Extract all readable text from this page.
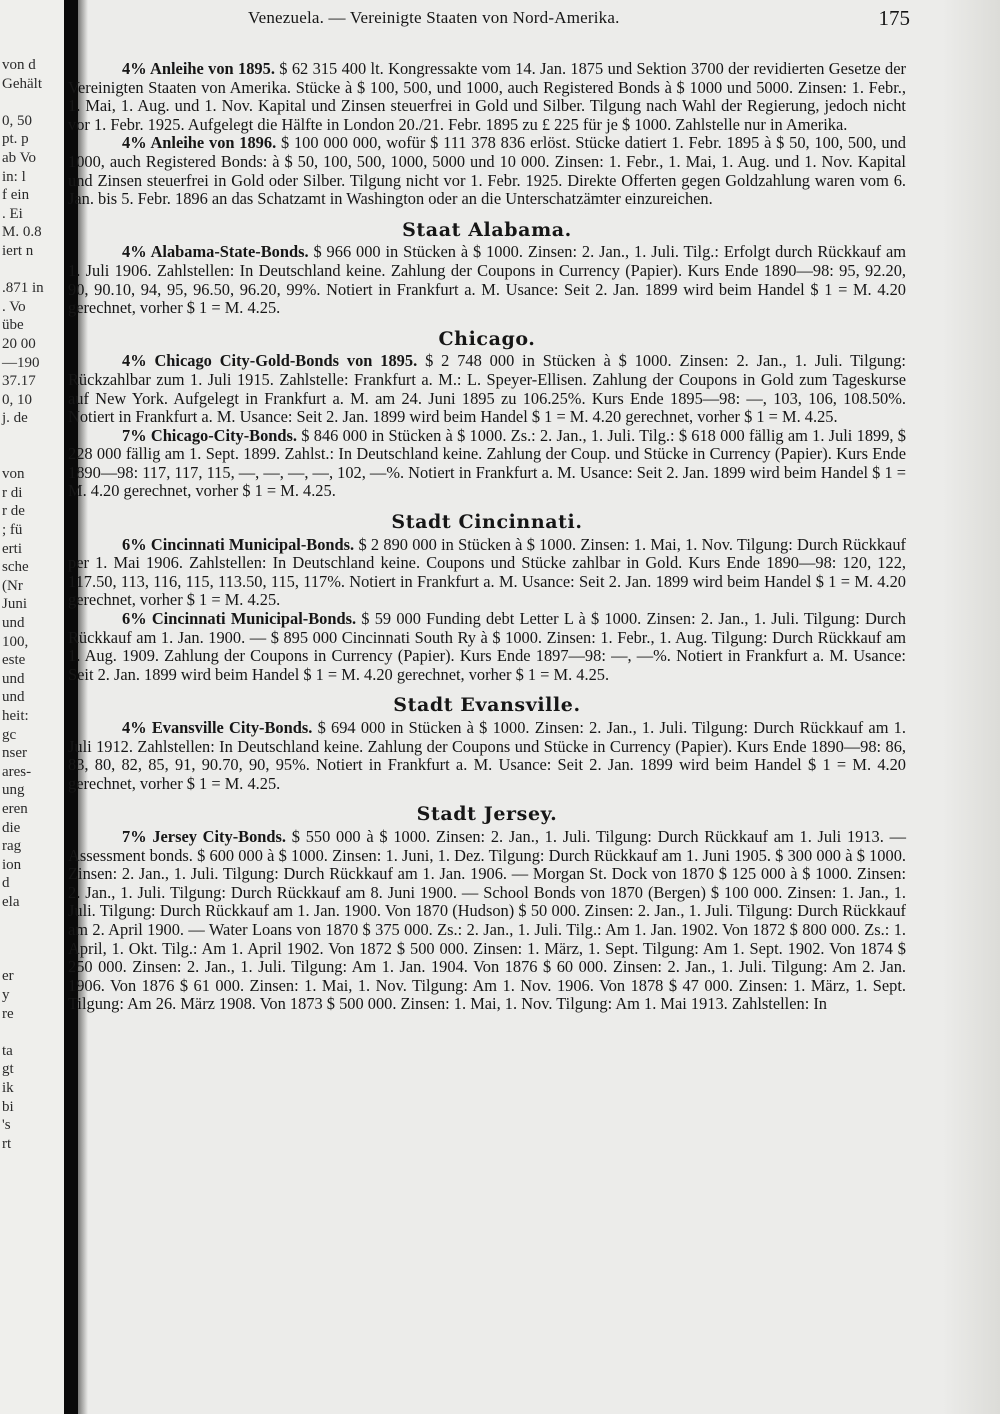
von d
Gehält
0, 50
pt. p
ab Vo
in: l
f ein
. Ei
M. 0.8
iert n
.871 in
. Vo
übe
20 00
—190
37.17
0, 10
j. de
von
r di
r de
; fü
erti
sche
(Nr
Juni
und
100,
este
und
und
heit:
gc
nser
ares-
ung
eren
die
rag
ion
d
ela
er
y
re
ta
gt
ik
bi
's
rt
Venezuela. — Vereinigte Staaten von Nord-Amerika.	175

4% Anleihe von 1895. $ 62 315 400 lt. Kongressakte vom 14. Jan. 1875 und Sektion 3700 der revidierten Gesetze der Vereinigten Staaten von Amerika. Stücke à $ 100, 500, und 1000, auch Registered Bonds à $ 1000 und 5000. Zinsen: 1. Febr., 1. Mai, 1. Aug. und 1. Nov. Kapital und Zinsen steuerfrei in Gold und Silber. Tilgung nach Wahl der Regierung, jedoch nicht vor 1. Febr. 1925. Aufgelegt die Hälfte in London 20./21. Febr. 1895 zu £ 225 für je $ 1000. Zahlstelle nur in Amerika.

4% Anleihe von 1896. $ 100 000 000, wofür $ 111 378 836 erlöst. Stücke datiert 1. Febr. 1895 à $ 50, 100, 500, und 1000, auch Registered Bonds: à $ 50, 100, 500, 1000, 5000 und 10 000. Zinsen: 1. Febr., 1. Mai, 1. Aug. und 1. Nov. Kapital und Zinsen steuerfrei in Gold oder Silber. Tilgung nicht vor 1. Febr. 1925. Direkte Offerten gegen Goldzahlung waren vom 6. Jan. bis 5. Febr. 1896 an das Schatzamt in Washington oder an die Unterschatzämter einzureichen.

Staat Alabama.

4% Alabama-State-Bonds. $ 966 000 in Stücken à $ 1000. Zinsen: 2. Jan., 1. Juli. Tilg.: Erfolgt durch Rückkauf am 1. Juli 1906. Zahlstellen: In Deutschland keine. Zahlung der Coupons in Currency (Papier). Kurs Ende 1890—98: 95, 92.20, 90, 90.10, 94, 95, 96.50, 96.20, 99%. Notiert in Frankfurt a. M. Usance: Seit 2. Jan. 1899 wird beim Handel $ 1 = M. 4.20 gerechnet, vorher $ 1 = M. 4.25.

Chicago.

4% Chicago City-Gold-Bonds von 1895. $ 2 748 000 in Stücken à $ 1000. Zinsen: 2. Jan., 1. Juli. Tilgung: Rückzahlbar zum 1. Juli 1915. Zahlstelle: Frankfurt a. M.: L. Speyer-Ellisen. Zahlung der Coupons in Gold zum Tageskurse auf New York. Aufgelegt in Frankfurt a. M. am 24. Juni 1895 zu 106.25%. Kurs Ende 1895—98: —, 103, 106, 108.50%. Notiert in Frankfurt a. M. Usance: Seit 2. Jan. 1899 wird beim Handel $ 1 = M. 4.20 gerechnet, vorher $ 1 = M. 4.25.

7% Chicago-City-Bonds. $ 846 000 in Stücken à $ 1000. Zs.: 2. Jan., 1. Juli. Tilg.: $ 618 000 fällig am 1. Juli 1899, $ 228 000 fällig am 1. Sept. 1899. Zahlst.: In Deutschland keine. Zahlung der Coup. und Stücke in Currency (Papier). Kurs Ende 1890—98: 117, 117, 115, —, —, —, —, 102, —%. Notiert in Frankfurt a. M. Usance: Seit 2. Jan. 1899 wird beim Handel $ 1 = M. 4.20 gerechnet, vorher $ 1 = M. 4.25.

Stadt Cincinnati.

6% Cincinnati Municipal-Bonds. $ 2 890 000 in Stücken à $ 1000. Zinsen: 1. Mai, 1. Nov. Tilgung: Durch Rückkauf per 1. Mai 1906. Zahlstellen: In Deutschland keine. Coupons und Stücke zahlbar in Gold. Kurs Ende 1890—98: 120, 122, 117.50, 113, 116, 115, 113.50, 115, 117%. Notiert in Frankfurt a. M. Usance: Seit 2. Jan. 1899 wird beim Handel $ 1 = M. 4.20 gerechnet, vorher $ 1 = M. 4.25.

6% Cincinnati Municipal-Bonds. $ 59 000 Funding debt Letter L à $ 1000. Zinsen: 2. Jan., 1. Juli. Tilgung: Durch Rückkauf am 1. Jan. 1900. — $ 895 000 Cincinnati South Ry à $ 1000. Zinsen: 1. Febr., 1. Aug. Tilgung: Durch Rückkauf am 1. Aug. 1909. Zahlung der Coupons in Currency (Papier). Kurs Ende 1897—98: —, —%. Notiert in Frankfurt a. M. Usance: Seit 2. Jan. 1899 wird beim Handel $ 1 = M. 4.20 gerechnet, vorher $ 1 = M. 4.25.

Stadt Evansville.

4% Evansville City-Bonds. $ 694 000 in Stücken à $ 1000. Zinsen: 2. Jan., 1. Juli. Tilgung: Durch Rückkauf am 1. Juli 1912. Zahlstellen: In Deutschland keine. Zahlung der Coupons und Stücke in Currency (Papier). Kurs Ende 1890—98: 86, 83, 80, 82, 85, 91, 90.70, 90, 95%. Notiert in Frankfurt a. M. Usance: Seit 2. Jan. 1899 wird beim Handel $ 1 = M. 4.20 gerechnet, vorher $ 1 = M. 4.25.

Stadt Jersey.

7% Jersey City-Bonds. $ 550 000 à $ 1000. Zinsen: 2. Jan., 1. Juli. Tilgung: Durch Rückkauf am 1. Juli 1913. — Assessment bonds. $ 600 000 à $ 1000. Zinsen: 1. Juni, 1. Dez. Tilgung: Durch Rückkauf am 1. Juni 1905. $ 300 000 à $ 1000. Zinsen: 2. Jan., 1. Juli. Tilgung: Durch Rückkauf am 1. Jan. 1906. — Morgan St. Dock von 1870 $ 125 000 à $ 1000. Zinsen: 2. Jan., 1. Juli. Tilgung: Durch Rückkauf am 8. Juni 1900. — School Bonds von 1870 (Bergen) $ 100 000. Zinsen: 1. Jan., 1. Juli. Tilgung: Durch Rückkauf am 1. Jan. 1900. Von 1870 (Hudson) $ 50 000. Zinsen: 2. Jan., 1. Juli. Tilgung: Durch Rückkauf am 2. April 1900. — Water Loans von 1870 $ 375 000. Zs.: 2. Jan., 1. Juli. Tilg.: Am 1. Jan. 1902. Von 1872 $ 800 000. Zs.: 1. April, 1. Okt. Tilg.: Am 1. April 1902. Von 1872 $ 500 000. Zinsen: 1. März, 1. Sept. Tilgung: Am 1. Sept. 1902. Von 1874 $ 250 000. Zinsen: 2. Jan., 1. Juli. Tilgung: Am 1. Jan. 1904. Von 1876 $ 60 000. Zinsen: 2. Jan., 1. Juli. Tilgung: Am 2. Jan. 1906. Von 1876 $ 61 000. Zinsen: 1. Mai, 1. Nov. Tilgung: Am 1. Nov. 1906. Von 1878 $ 47 000. Zinsen: 1. März, 1. Sept. Tilgung: Am 26. März 1908. Von 1873 $ 500 000. Zinsen: 1. Mai, 1. Nov. Tilgung: Am 1. Mai 1913. Zahlstellen: In
